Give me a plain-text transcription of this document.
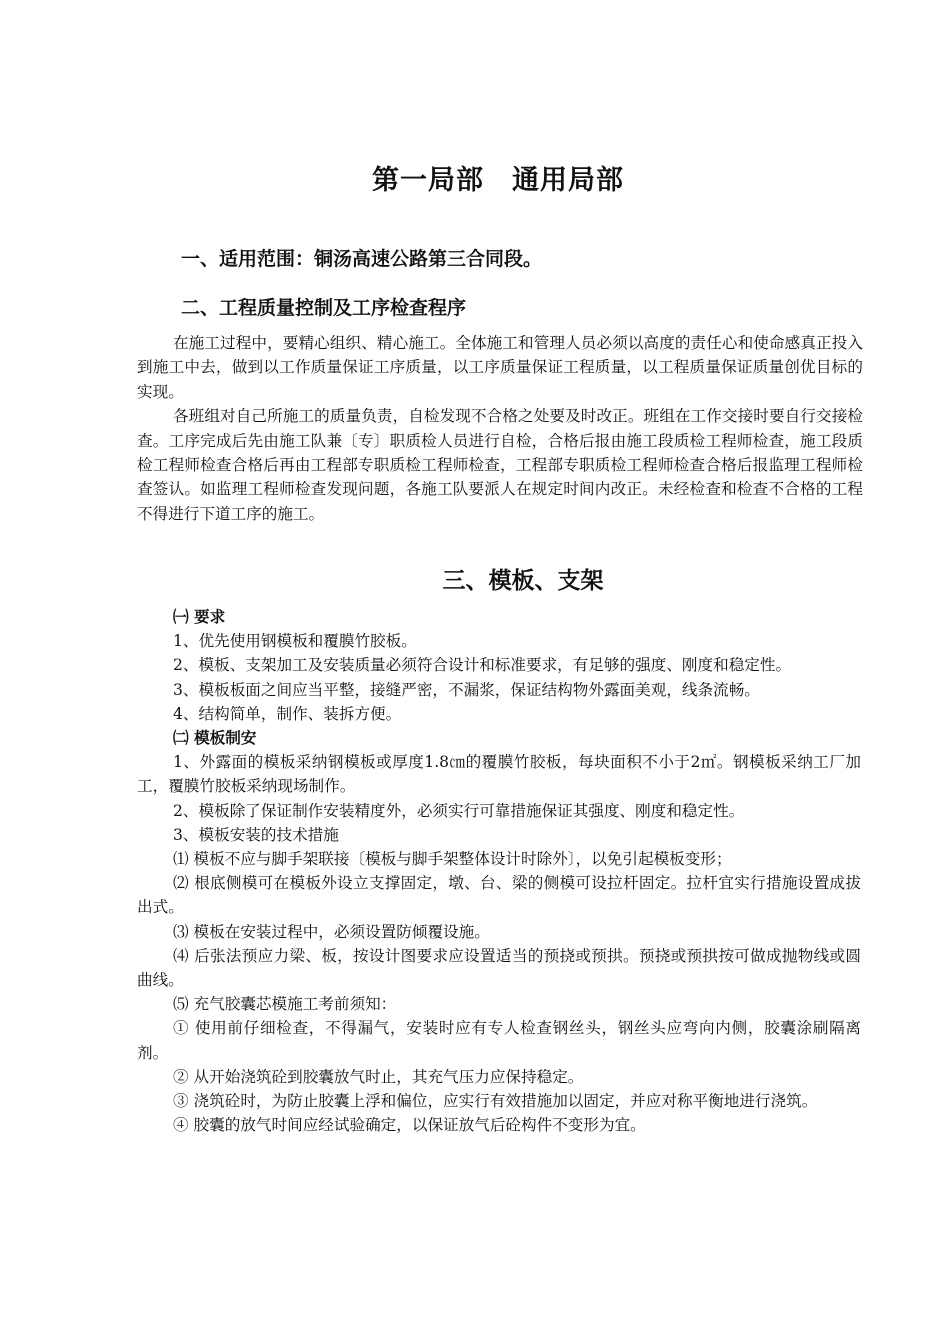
第一局部　通用局部
一、适用范围：铜汤高速公路第三合同段。
二、工程质量控制及工序检查程序

在施工过程中，要精心组织、精心施工。全体施工和管理人员必须以高度的责任心和使命感真正投入到施工中去，做到以工作质量保证工序质量，以工序质量保证工程质量，以工程质量保证质量创优目标的实现。

各班组对自己所施工的质量负责，自检发现不合格之处要及时改正。班组在工作交接时要自行交接检查。工序完成后先由施工队兼〔专〕职质检人员进行自检，合格后报由施工段质检工程师检查，施工段质检工程师检查合格后再由工程部专职质检工程师检查，工程部专职质检工程师检查合格后报监理工程师检查签认。如监理工程师检查发现问题，各施工队要派人在规定时间内改正。未经检查和检查不合格的工程不得进行下道工序的施工。

三、模板、支架

㈠ 要求

1、优先使用钢模板和覆膜竹胶板。

2、模板、支架加工及安装质量必须符合设计和标准要求，有足够的强度、刚度和稳定性。

3、模板板面之间应当平整，接缝严密，不漏浆，保证结构物外露面美观，线条流畅。

4、结构简单，制作、装拆方便。

㈡ 模板制安

1、外露面的模板采纳钢模板或厚度1.8㎝的覆膜竹胶板，每块面积不小于2㎡。钢模板采纳工厂加工，覆膜竹胶板采纳现场制作。

2、模板除了保证制作安装精度外，必须实行可靠措施保证其强度、刚度和稳定性。

3、模板安装的技术措施

⑴ 模板不应与脚手架联接〔模板与脚手架整体设计时除外〕，以免引起模板变形；

⑵ 根底侧模可在模板外设立支撑固定，墩、台、梁的侧模可设拉杆固定。拉杆宜实行措施设置成拔出式。

⑶ 模板在安装过程中，必须设置防倾覆设施。

⑷ 后张法预应力梁、板，按设计图要求应设置适当的预挠或预拱。预挠或预拱按可做成抛物线或圆曲线。

⑸ 充气胶囊芯模施工考前须知：

① 使用前仔细检查，不得漏气，安装时应有专人检查钢丝头，钢丝头应弯向内侧，胶囊涂刷隔离剂。

② 从开始浇筑砼到胶囊放气时止，其充气压力应保持稳定。

③ 浇筑砼时，为防止胶囊上浮和偏位，应实行有效措施加以固定，并应对称平衡地进行浇筑。

④ 胶囊的放气时间应经试验确定，以保证放气后砼构件不变形为宜。
